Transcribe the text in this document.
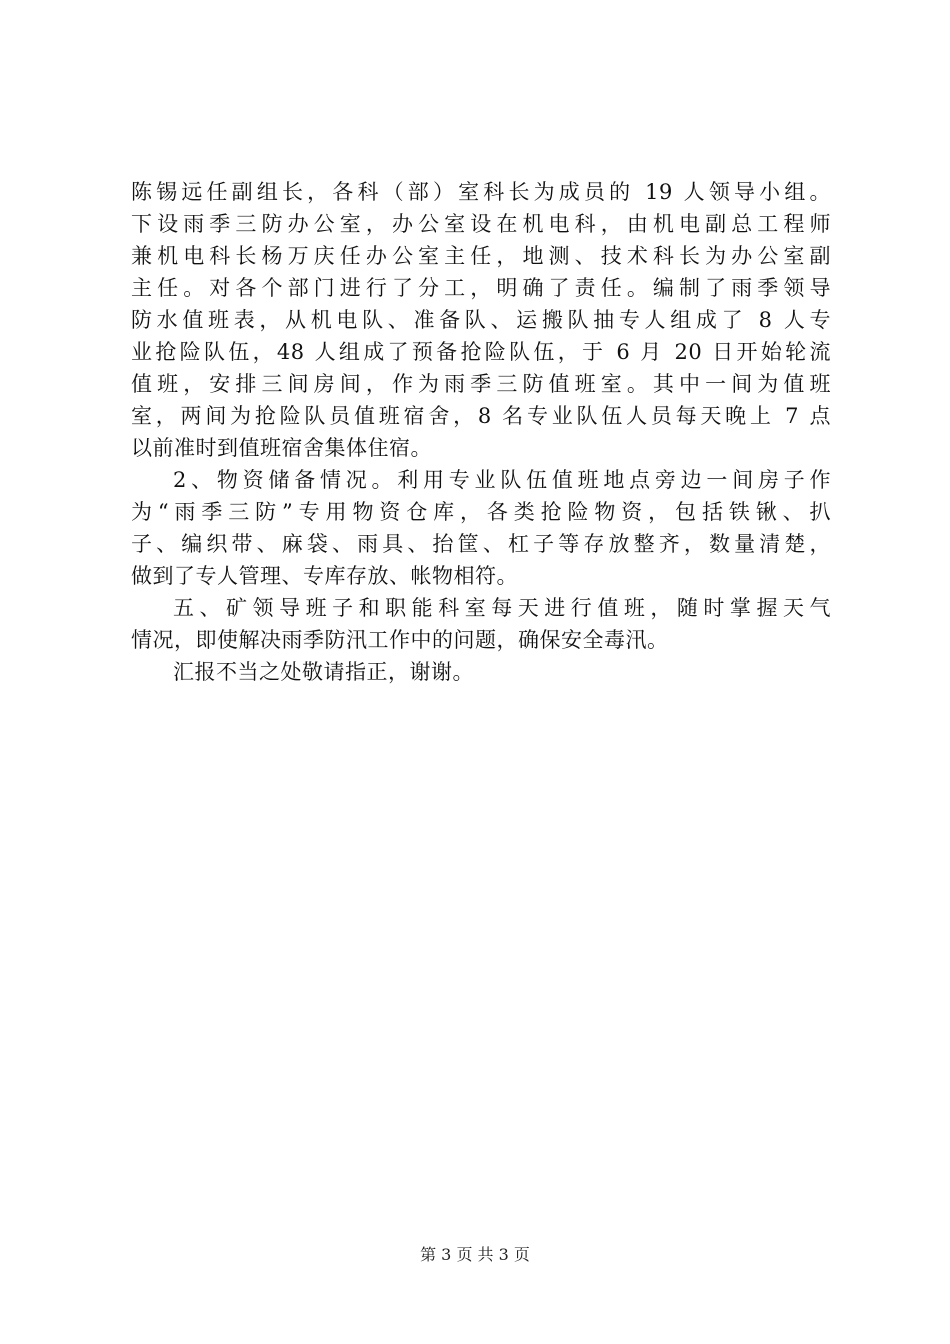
陈锡远任副组长，各科（部）室科长为成员的 19 人领导小组。
下设雨季三防办公室，办公室设在机电科，由机电副总工程师
兼机电科长杨万庆任办公室主任，地测、技术科长为办公室副
主任。对各个部门进行了分工，明确了责任。编制了雨季领导
防水值班表，从机电队、准备队、运搬队抽专人组成了 8 人专
业抢险队伍，48 人组成了预备抢险队伍，于 6 月 20 日开始轮流
值班，安排三间房间，作为雨季三防值班室。其中一间为值班
室，两间为抢险队员值班宿舍，8 名专业队伍人员每天晚上 7 点
以前准时到值班宿舍集体住宿。
2、物资储备情况。利用专业队伍值班地点旁边一间房子作
为“雨季三防”专用物资仓库，各类抢险物资，包括铁锹、扒
子、编织带、麻袋、雨具、抬筐、杠子等存放整齐，数量清楚，
做到了专人管理、专库存放、帐物相符。
五、矿领导班子和职能科室每天进行值班，随时掌握天气
情况，即使解决雨季防汛工作中的问题，确保安全毒汛。
汇报不当之处敬请指正，谢谢。
第 3 页 共 3 页
